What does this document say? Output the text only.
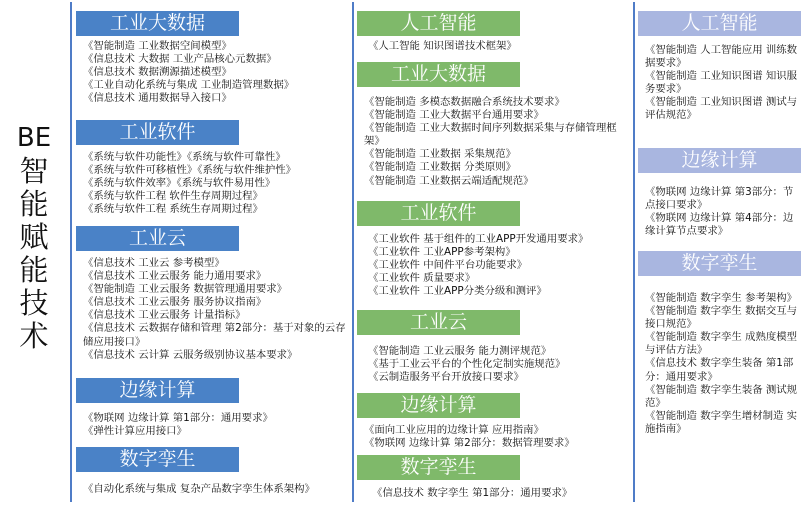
BE
智
能
赋
能
技
术
工业大数据
《智能制造 工业数据空间模型》
《信息技术 大数据 工业产品核心元数据》
《信息技术 数据溯源描述模型》
《工业自动化系统与集成 工业制造管理数据》
《信息技术 通用数据导入接口》
工业软件
《系统与软件功能性》《系统与软件可靠性》
《系统与软件可移植性》《系统与软件维护性》
《系统与软件效率》《系统与软件易用性》
《系统与软件工程 软件生存周期过程》
《系统与软件工程 系统生存周期过程》
工业云
《信息技术 工业云 参考模型》
《信息技术 工业云服务 能力通用要求》
《智能制造 工业云服务 数据管理通用要求》
《信息技术 工业云服务 服务协议指南》
《信息技术 工业云服务 计量指标》
《信息技术 云数据存储和管理 第2部分：基于对象的云存储应用接口》
《信息技术 云计算 云服务级别协议基本要求》
边缘计算
《物联网 边缘计算 第1部分：通用要求》
《弹性计算应用接口》
数字孪生
《自动化系统与集成 复杂产品数字孪生体系架构》
人工智能
《人工智能 知识图谱技术框架》
工业大数据
《智能制造 多模态数据融合系统技术要求》
《智能制造 工业大数据平台通用要求》
《智能制造 工业大数据时间序列数据采集与存储管理框架》
《智能制造 工业数据 采集规范》
《智能制造 工业数据 分类原则》
《智能制造 工业数据云端适配规范》
工业软件
《工业软件 基于组件的工业APP开发通用要求》
《工业软件 工业APP参考架构》
《工业软件 中间件平台功能要求》
《工业软件 质量要求》
《工业软件 工业APP分类分级和测评》
工业云
《智能制造 工业云服务 能力测评规范》
《基于工业云平台的个性化定制实施规范》
《云制造服务平台开放接口要求》
边缘计算
《面向工业应用的边缘计算 应用指南》
《物联网 边缘计算 第2部分：数据管理要求》
数字孪生
《信息技术 数字孪生 第1部分：通用要求》
人工智能
《智能制造 人工智能应用 训练数据要求》
《智能制造 工业知识图谱 知识服务要求》
《智能制造 工业知识图谱 测试与评估规范》
边缘计算
《物联网 边缘计算 第3部分：节点接口要求》
《物联网 边缘计算 第4部分：边缘计算节点要求》
数字孪生
《智能制造 数字孪生 参考架构》
《智能制造 数字孪生 数据交互与接口规范》
《智能制造 数字孪生 成熟度模型与评估方法》
《信息技术 数字孪生装备 第1部分：通用要求》
《智能制造 数字孪生装备 测试规范》
《智能制造 数字孪生增材制造 实施指南》
